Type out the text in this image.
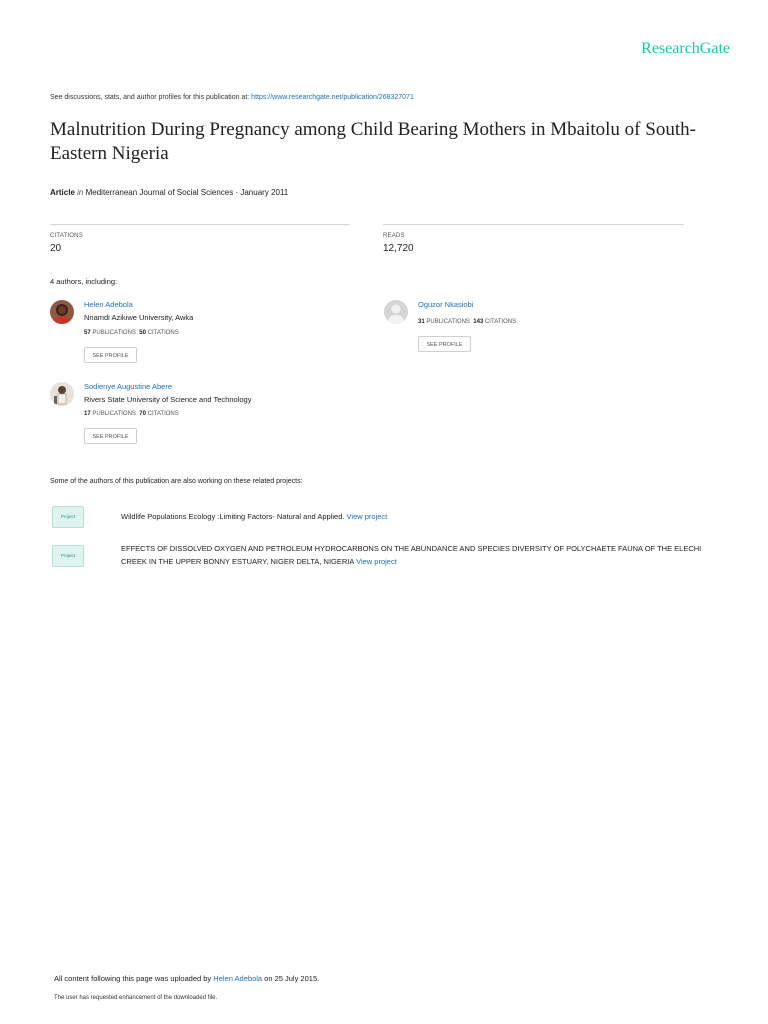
ResearchGate
See discussions, stats, and author profiles for this publication at: https://www.researchgate.net/publication/268327071
Malnutrition During Pregnancy among Child Bearing Mothers in Mbaitolu of South-Eastern Nigeria
Article in Mediterranean Journal of Social Sciences · January 2011
CITATIONS
20
READS
12,720
4 authors, including:
Helen Adebola
Nnamdi Azikiwe University, Awka
57 PUBLICATIONS 50 CITATIONS
SEE PROFILE
Oguzor Nkasiobi
31 PUBLICATIONS 143 CITATIONS
SEE PROFILE
Sodienye Augustine Abere
Rivers State University of Science and Technology
17 PUBLICATIONS 70 CITATIONS
SEE PROFILE
Some of the authors of this publication are also working on these related projects:
Project	Wildlife Populations Ecology :Limiting Factors- Natural and Applied. View project
Project
EFFECTS OF DISSOLVED OXYGEN AND PETROLEUM HYDROCARBONS ON THE ABUNDANCE AND SPECIES DIVERSITY OF POLYCHAETE FAUNA OF THE ELECHI CREEK IN THE UPPER BONNY ESTUARY, NIGER DELTA, NIGERIA View project
All content following this page was uploaded by Helen Adebola on 25 July 2015.
The user has requested enhancement of the downloaded file.
